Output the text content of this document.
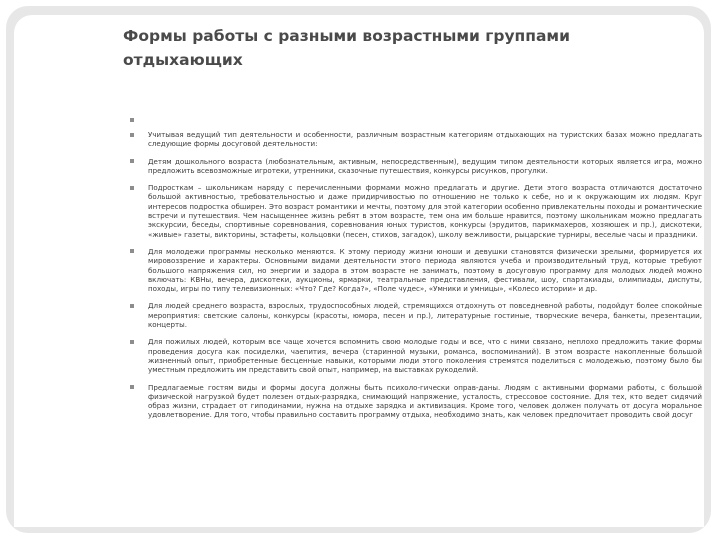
Формы работы с разными возрастными группами отдыхающих
Учитывая ведущий тип деятельности и особенности, различным возрастным категориям отдыхающих на туристских базах можно предлагать следующие формы досуговой деятельности:
Детям дошкольного возраста (любознательным, активным, непосредственным), ведущим типом деятельности которых является игра, можно предложить всевозможные игротеки, утренники, сказочные путешествия, конкурсы рисунков, прогулки.
Подросткам – школьникам наряду с перечисленными формами можно предлагать и другие. Дети этого возраста отличаются достаточно большой активностью, требовательностью и даже придирчивостью по отношению не только к себе, но и к окружающим их людям. Круг интересов подростка обширен. Это возраст романтики и мечты, поэтому для этой категории особенно привлекательны походы и романтические встречи и путешествия. Чем насыщеннее жизнь ребят в этом возрасте, тем она им больше нравится, поэтому школьникам можно предлагать экскурсии, беседы, спортивные соревнования, соревнования юных туристов, конкурсы (эрудитов, парикмахеров, хозяюшек и пр.), дискотеки, «живые» газеты, викторины, эстафеты, кольцовки (песен, стихов, загадок), школу вежливости, рыцарские турниры, веселые часы и праздники.
Для молодежи программы несколько меняются. К этому периоду жизни юноши и девушки становятся физически зрелыми, формируется их мировоззрение и характеры. Основными видами деятельности этого периода являются учеба и производительный труд, которые требуют большого напряжения сил, но энергии и задора в этом возрасте не занимать, поэтому в досуговую программу для молодых людей можно включать: КВНы, вечера, дискотеки, аукционы, ярмарки, театральные представления, фестивали, шоу, спартакиады, олимпиады, диспуты, походы, игры по типу телевизионных: «Что? Где? Когда?», «Поле чудес», «Умники и умницы», «Колесо истории» и др.
Для людей среднего возраста, взрослых, трудоспособных людей, стремящихся отдохнуть от повседневной работы, подойдут более спокойные мероприятия: светские салоны, конкурсы (красоты, юмора, песен и пр.), литературные гостиные, творческие вечера, банкеты, презентации, концерты.
Для пожилых людей, которым все чаще хочется вспомнить свою молодые годы и все, что с ними связано, неплохо предложить такие формы проведения досуга как посиделки, чаепития, вечера (старинной музыки, романса, воспоминаний). В этом возрасте накопленные большой жизненный опыт, приобретенные бесценные навыки, которыми люди этого поколения стремятся поделиться с молодежью, поэтому было бы уместным предложить им представить свой опыт, например, на выставках рукоделий.
Предлагаемые гостям виды и формы досуга должны быть психоло-гически оправ-даны. Людям с активными формами работы, с большой физической нагрузкой будет полезен отдых-разрядка, снимающий напряжение, усталость, стрессовое состояние. Для тех, кто ведет сидячий образ жизни, страдает от гиподинамии, нужна на отдыхе зарядка и активизация. Кроме того, человек должен получать от досуга моральное удовлетворение. Для того, чтобы правильно составить программу отдыха, необходимо знать, как человек предпочитает проводить свой досуг
